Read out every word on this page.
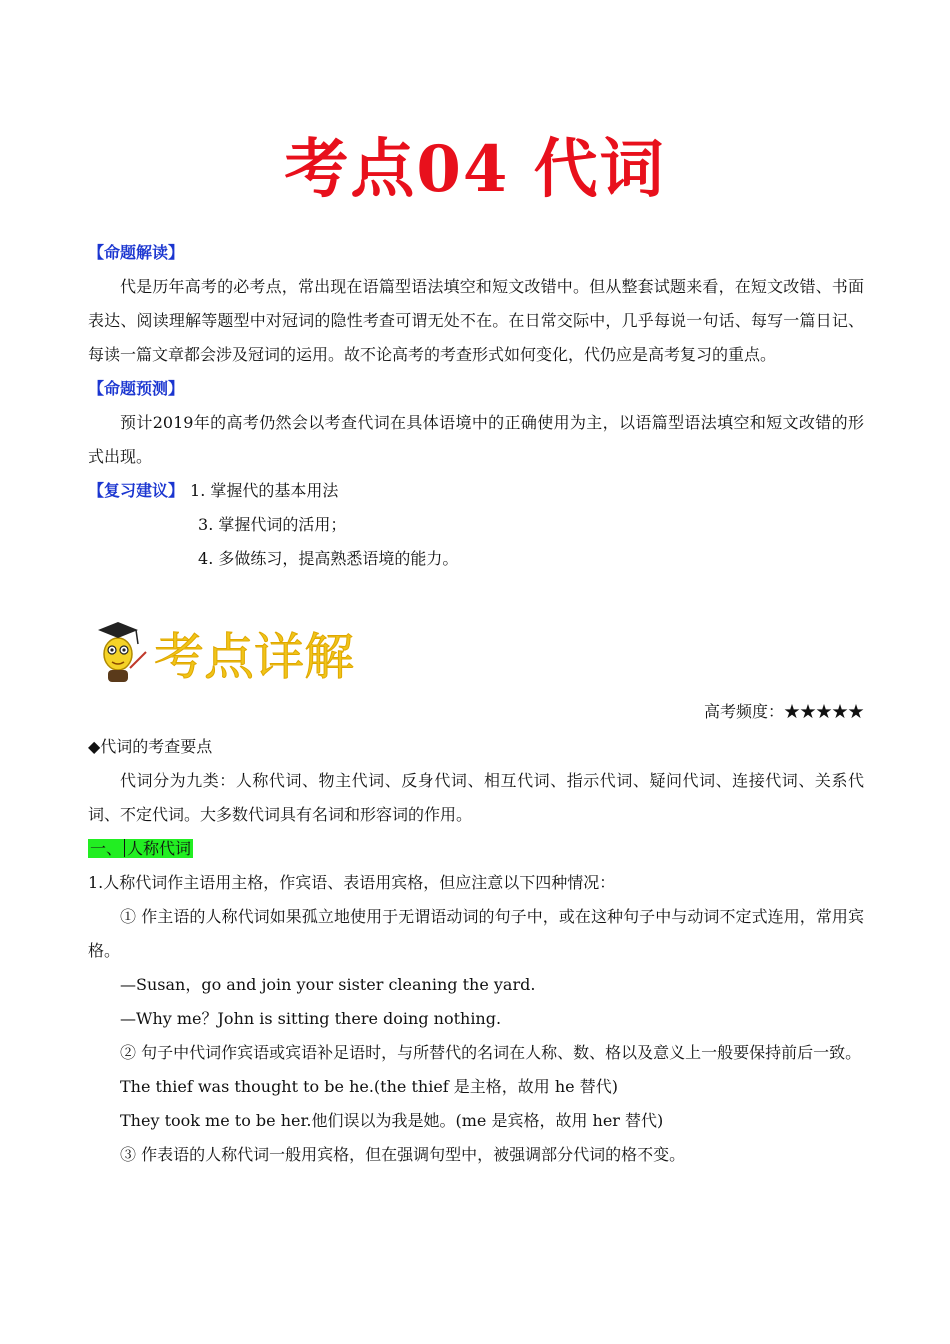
考点04 代词

【命题解读】

代是历年高考的必考点，常出现在语篇型语法填空和短文改错中。但从整套试题来看，在短文改错、书面表达、阅读理解等题型中对冠词的隐性考查可谓无处不在。在日常交际中，几乎每说一句话、每写一篇日记、每读一篇文章都会涉及冠词的运用。故不论高考的考查形式如何变化，代仍应是高考复习的重点。

【命题预测】

预计2019年的高考仍然会以考查代词在具体语境中的正确使用为主，以语篇型语法填空和短文改错的形式出现。

【复习建议】 1. 掌握代的基本用法

3. 掌握代词的活用；

4. 多做练习，提高熟悉语境的能力。

考点详解
高考频度：★★★★★

◆代词的考查要点

代词分为九类：人称代词、物主代词、反身代词、相互代词、指示代词、疑问代词、连接代词、关系代词、不定代词。大多数代词具有名词和形容词的作用。

一、 人称代词

1.人称代词作主语用主格，作宾语、表语用宾格，但应注意以下四种情况：

① 作主语的人称代词如果孤立地使用于无谓语动词的句子中，或在这种句子中与动词不定式连用，常用宾格。

—Susan，go and join your sister cleaning the yard.

—Why me？John is sitting there doing nothing.

② 句子中代词作宾语或宾语补足语时，与所替代的名词在人称、数、格以及意义上一般要保持前后一致。

The thief was thought to be he.(the thief 是主格，故用 he 替代)

They took me to be her.他们误以为我是她。(me 是宾格，故用 her 替代)

③ 作表语的人称代词一般用宾格，但在强调句型中，被强调部分代词的格不变。
